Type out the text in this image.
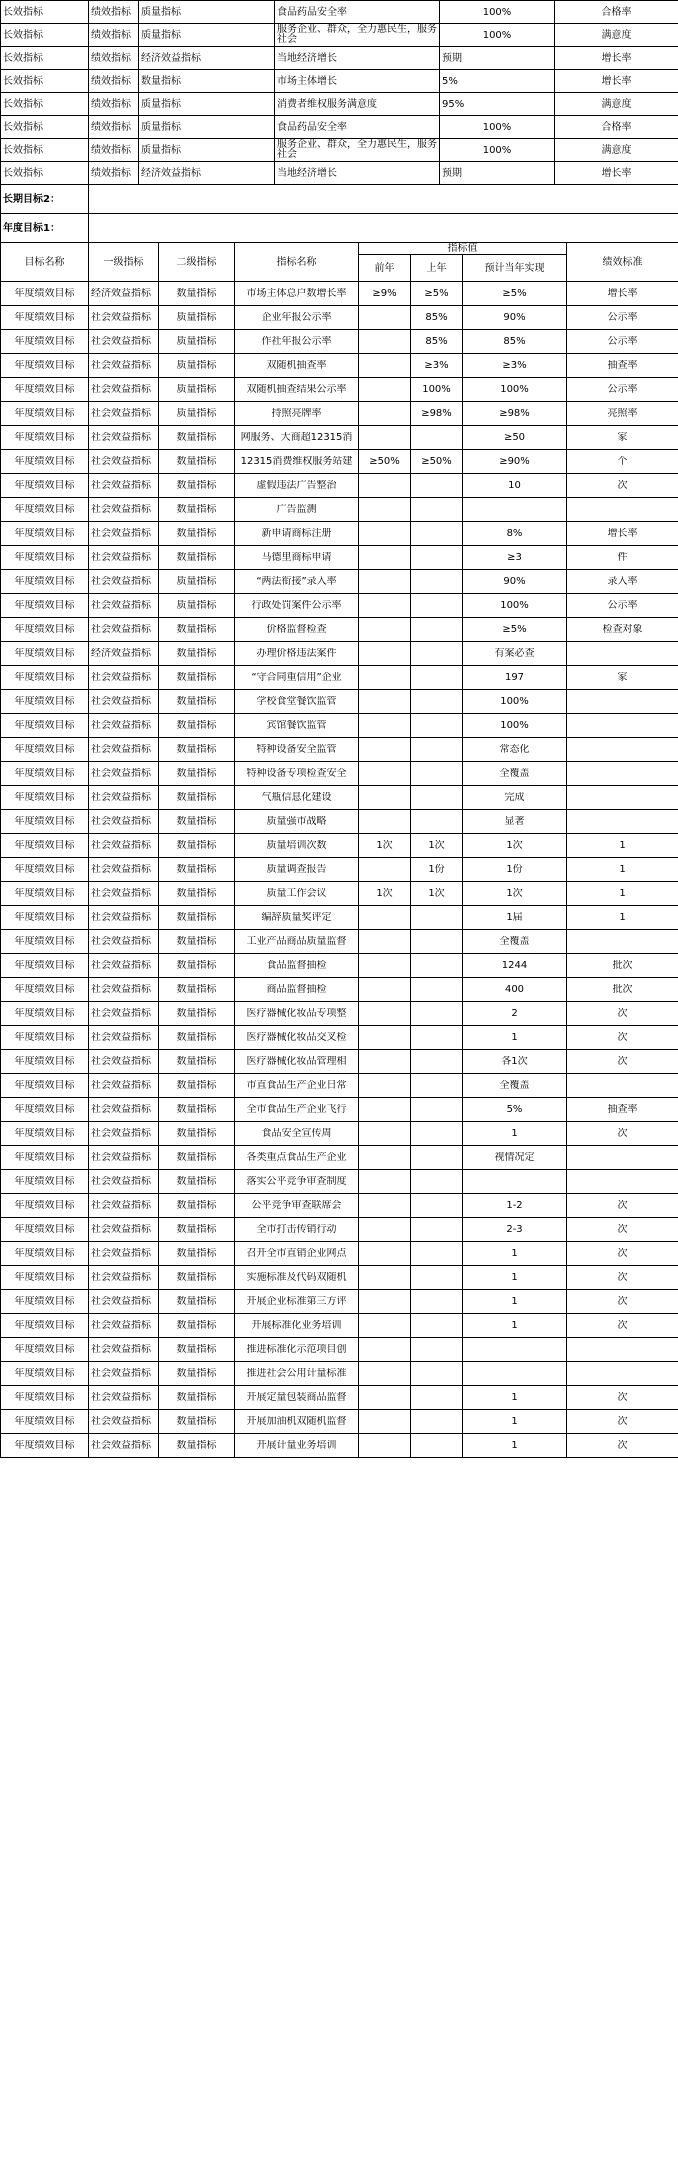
长效指标	绩效指标	质量指标	食品药品安全率	100%	合格率
长效指标	绩效指标	质量指标	服务企业、群众，全力惠民生，服务社会	100%	满意度
长效指标	绩效指标	经济效益指标	当地经济增长	预期	增长率
长效指标	绩效指标	数量指标	市场主体增长	5%	增长率
长效指标	绩效指标	质量指标	消费者维权服务满意度	95%	满意度
长效指标	绩效指标	质量指标	食品药品安全率	100%	合格率
长效指标	绩效指标	质量指标	服务企业、群众，全力惠民生，服务社会	100%	满意度
长效指标	绩效指标	经济效益指标	当地经济增长	预期	增长率
长期目标2：					
年度目标1：					
目标名称	一级指标	二级指标	指标名称	指标值			绩效标准
				前年	上年	预计当年实现	

年度绩效目标	经济效益指标	数量指标	市场主体总户数增长率	≥9%	≥5%	≥5%	增长率

年度绩效目标	社会效益指标	质量指标	企业年报公示率		85%	90%	公示率

年度绩效目标	社会效益指标	质量指标	作社年报公示率		85%	85%	公示率

年度绩效目标	社会效益指标	质量指标	双随机抽查率		≥3%	≥3%	抽查率

年度绩效目标	社会效益指标	质量指标	双随机抽查结果公示率		100%	100%	公示率

年度绩效目标	社会效益指标	质量指标	持照亮牌率		≥98%	≥98%	亮照率

年度绩效目标	社会效益指标	数量指标	网服务、大商超12315消			≥50	家

年度绩效目标	社会效益指标	数量指标	12315消费维权服务站建	≥50%	≥50%	≥90%	个

年度绩效目标	社会效益指标	数量指标	虚假违法广告整治			10	次

年度绩效目标	社会效益指标	数量指标	广告监测				

年度绩效目标	社会效益指标	数量指标	新申请商标注册			8%	增长率

年度绩效目标	社会效益指标	数量指标	马德里商标申请			≥3	件

年度绩效目标	社会效益指标	质量指标	“两法衔接”录入率			90%	录入率

年度绩效目标	社会效益指标	质量指标	行政处罚案件公示率			100%	公示率

年度绩效目标	社会效益指标	数量指标	价格监督检查			≥5%	检查对象

年度绩效目标	经济效益指标	数量指标	办理价格违法案件			有案必查	

年度绩效目标	社会效益指标	数量指标	“守合同重信用”企业			197	家

年度绩效目标	社会效益指标	数量指标	学校食堂餐饮监管			100%	

年度绩效目标	社会效益指标	数量指标	宾馆餐饮监管			100%	

年度绩效目标	社会效益指标	数量指标	特种设备安全监管			常态化	

年度绩效目标	社会效益指标	数量指标	特种设备专项检查安全			全覆盖	

年度绩效目标	社会效益指标	数量指标	气瓶信息化建设			完成	

年度绩效目标	社会效益指标	数量指标	质量强市战略			显著	

年度绩效目标	社会效益指标	数量指标	质量培训次数	1次	1次	1次	1

年度绩效目标	社会效益指标	数量指标	质量调查报告		1份	1份	1

年度绩效目标	社会效益指标	数量指标	质量工作会议	1次	1次	1次	1

年度绩效目标	社会效益指标	数量指标	编辞质量奖评定			1届	1

年度绩效目标	社会效益指标	数量指标	工业产品商品质量监督			全覆盖	

年度绩效目标	社会效益指标	数量指标	食品监督抽检			1244	批次

年度绩效目标	社会效益指标	数量指标	商品监督抽检			400	批次

年度绩效目标	社会效益指标	数量指标	医疗器械化妆品专项整			2	次

年度绩效目标	社会效益指标	数量指标	医疗器械化妆品交叉检			1	次

年度绩效目标	社会效益指标	数量指标	医疗器械化妆品管理相			各1次	次

年度绩效目标	社会效益指标	数量指标	市直食品生产企业日常			全覆盖	

年度绩效目标	社会效益指标	数量指标	全市食品生产企业飞行			5%	抽查率

年度绩效目标	社会效益指标	数量指标	食品安全宣传周			1	次

年度绩效目标	社会效益指标	数量指标	各类重点食品生产企业			视情况定	

年度绩效目标	社会效益指标	数量指标	落实公平竞争审查制度				

年度绩效目标	社会效益指标	数量指标	公平竞争审查联席会			1-2	次

年度绩效目标	社会效益指标	数量指标	全市打击传销行动			2-3	次

年度绩效目标	社会效益指标	数量指标	召开全市直销企业网点			1	次

年度绩效目标	社会效益指标	数量指标	实施标准及代码双随机			1	次

年度绩效目标	社会效益指标	数量指标	开展企业标准第三方评			1	次

年度绩效目标	社会效益指标	数量指标	开展标准化业务培训			1	次

年度绩效目标	社会效益指标	数量指标	推进标准化示范项目创				

年度绩效目标	社会效益指标	数量指标	推进社会公用计量标准				

年度绩效目标	社会效益指标	数量指标	开展定量包装商品监督			1	次

年度绩效目标	社会效益指标	数量指标	开展加油机双随机监督			1	次

年度绩效目标	社会效益指标	数量指标	开展计量业务培训			1	次
